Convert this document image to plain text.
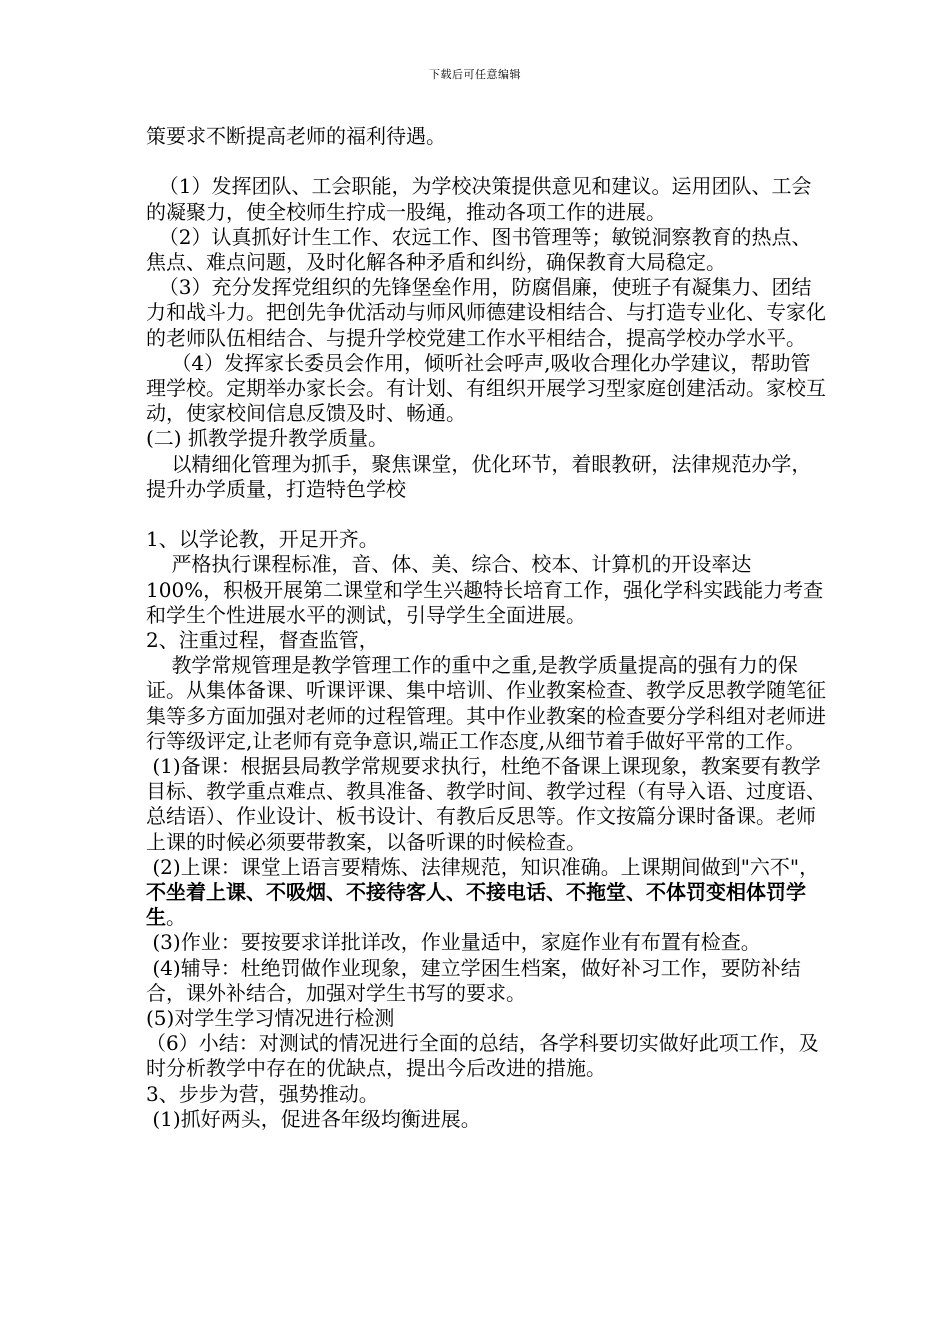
下载后可任意编辑

策要求不断提高老师的福利待遇。

（1）发挥团队、工会职能，为学校决策提供意见和建议。运用团队、工会的凝聚力，使全校师生拧成一股绳，推动各项工作的进展。

（2）认真抓好计生工作、农远工作、图书管理等；敏锐洞察教育的热点、焦点、难点问题，及时化解各种矛盾和纠纷，确保教育大局稳定。

（3）充分发挥党组织的先锋堡垒作用，防腐倡廉，使班子有凝集力、团结力和战斗力。把创先争优活动与师风师德建设相结合、与打造专业化、专家化的老师队伍相结合、与提升学校党建工作水平相结合，提高学校办学水平。

（4）发挥家长委员会作用，倾听社会呼声,吸收合理化办学建议，帮助管理学校。定期举办家长会。有计划、有组织开展学习型家庭创建活动。家校互动，使家校间信息反馈及时、畅通。

(二) 抓教学提升教学质量。

以精细化管理为抓手，聚焦课堂，优化环节，着眼教研，法律规范办学，提升办学质量，打造特色学校

1、以学论教，开足开齐。

严格执行课程标准，音、体、美、综合、校本、计算机的开设率达 100%，积极开展第二课堂和学生兴趣特长培育工作，强化学科实践能力考查和学生个性进展水平的测试，引导学生全面进展。

2、注重过程，督查监管，

教学常规管理是教学管理工作的重中之重,是教学质量提高的强有力的保证。从集体备课、听课评课、集中培训、作业教案检查、教学反思教学随笔征集等多方面加强对老师的过程管理。其中作业教案的检查要分学科组对老师进行等级评定,让老师有竞争意识,端正工作态度,从细节着手做好平常的工作。

(1)备课：根据县局教学常规要求执行，杜绝不备课上课现象，教案要有教学目标、教学重点难点、教具准备、教学时间、教学过程（有导入语、过度语、总结语）、作业设计、板书设计、有教后反思等。作文按篇分课时备课。老师上课的时候必须要带教案，以备听课的时候检查。

(2)上课：课堂上语言要精炼、法律规范，知识准确。上课期间做到"六不"，不坐着上课、不吸烟、不接待客人、不接电话、不拖堂、不体罚变相体罚学生。

(3)作业：要按要求详批详改，作业量适中，家庭作业有布置有检查。

(4)辅导：杜绝罚做作业现象，建立学困生档案，做好补习工作，要防补结合，课外补结合，加强对学生书写的要求。

(5)对学生学习情况进行检测

（6）小结：对测试的情况进行全面的总结，各学科要切实做好此项工作，及时分析教学中存在的优缺点，提出今后改进的措施。

3、步步为营，强势推动。

(1)抓好两头，促进各年级均衡进展。
